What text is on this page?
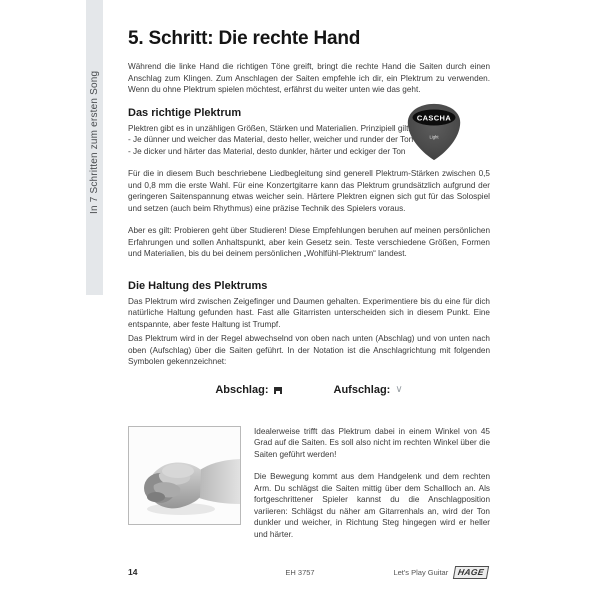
In 7 Schritten zum ersten Song
5. Schritt: Die rechte Hand

Während die linke Hand die richtigen Töne greift, bringt die rechte Hand die Saiten durch einen Anschlag zum Klingen. Zum Anschlagen der Saiten empfehle ich dir, ein Plektrum zu verwenden. Wenn du ohne Plektrum spielen möchtest, erfährst du weiter unten wie das geht.

CASCHA
Light
Das richtige Plektrum
Plektren gibt es in unzähligen Größen, Stärken und Materialien. Prinzipiell gilt:
- Je dünner und weicher das Material, desto heller, weicher und runder der Ton
- Je dicker und härter das Material, desto dunkler, härter und eckiger der Ton

Für die in diesem Buch beschriebene Liedbegleitung sind generell Plektrum-Stärken zwischen 0,5 und 0,8 mm die erste Wahl. Für eine Konzertgitarre kann das Plektrum grundsätzlich aufgrund der geringeren Saitenspannung etwas weicher sein. Härtere Plektren eignen sich gut für das Solospiel und setzen (auch beim Rhythmus) eine präzise Technik des Spielers voraus.

Aber es gilt: Probieren geht über Studieren! Diese Empfehlungen beruhen auf meinen persönlichen Erfahrungen und sollen Anhaltspunkt, aber kein Gesetz sein. Teste verschiedene Größen, Formen und Materialien, bis du bei deinem persönlichen „Wohlfühl-Plektrum“ landest.

Die Haltung des Plektrums

Das Plektrum wird zwischen Zeigefinger und Daumen gehalten. Experimentiere bis du eine für dich natürliche Haltung gefunden hast. Fast alle Gitarristen unterscheiden sich in diesem Punkt. Eine entspannte, aber feste Haltung ist Trumpf.

Das Plektrum wird in der Regel abwechselnd von oben nach unten (Abschlag) und von unten nach oben (Aufschlag) über die Saiten geführt. In der Notation ist die Anschlagrichtung mit folgenden Symbolen gekennzeichnet:

Abschlag:	Aufschlag: ∨

Idealerweise trifft das Plektrum dabei in einem Winkel von 45 Grad auf die Saiten. Es soll also nicht im rechten Winkel über die Saiten geführt werden!

Die Bewegung kommt aus dem Handgelenk und dem rechten Arm. Du schlägst die Saiten mittig über dem Schallloch an. Als fortgeschrittener Spieler kannst du die Anschlagposition variieren: Schlägst du näher am Gitarrenhals an, wird der Ton dunkler und weicher, in Richtung Steg hingegen wird er heller und härter.

14	EH 3757	Let's Play Guitar	HAGE
